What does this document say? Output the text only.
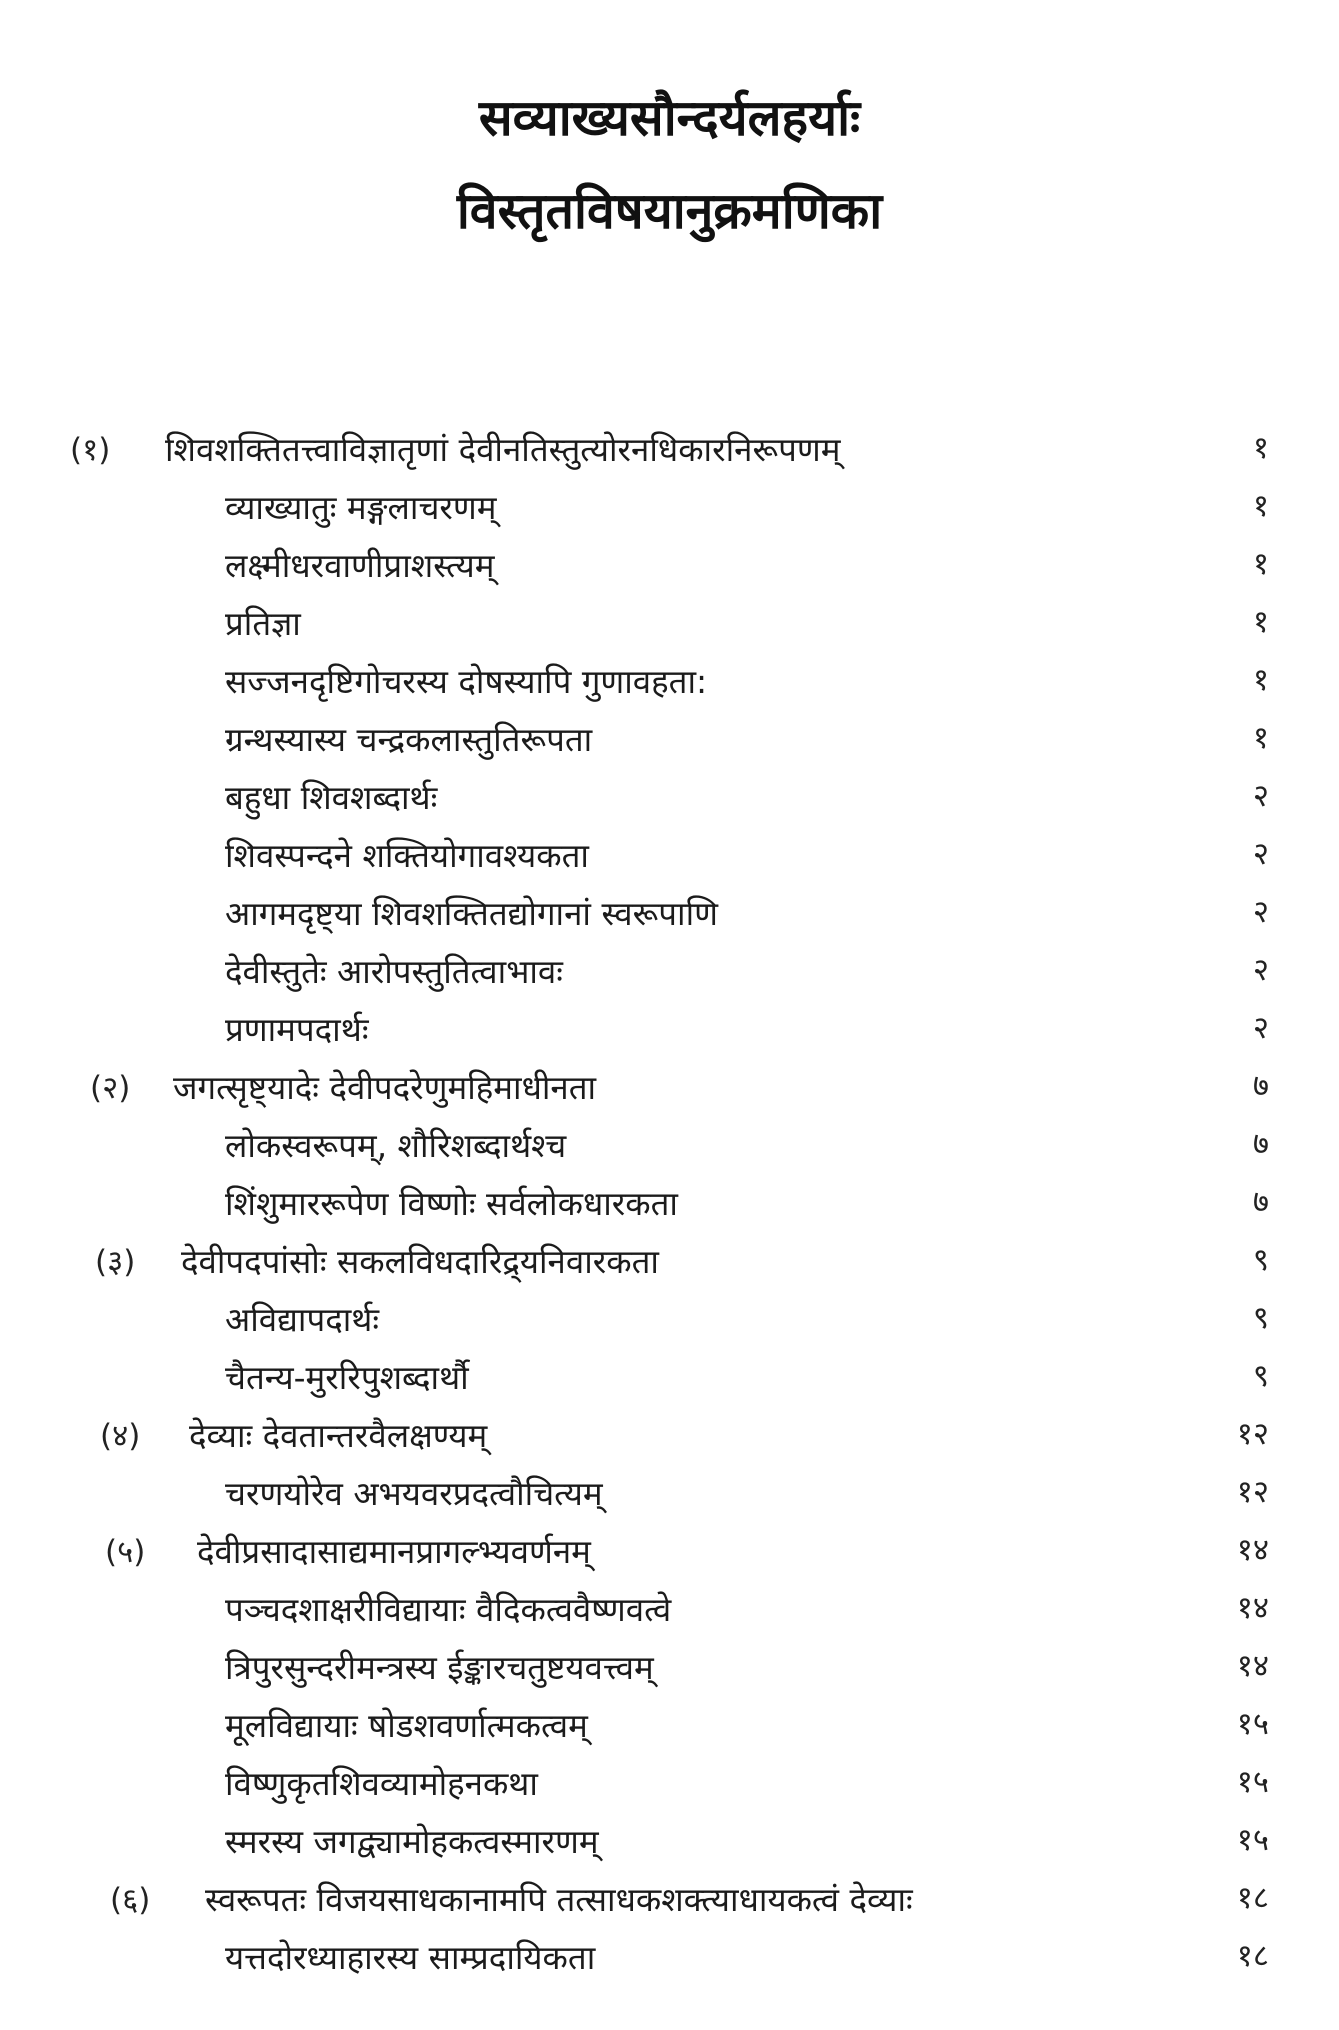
सव्याख्यसौन्दर्यलहर्याः
विस्तृतविषयानुक्रमणिका
(१) शिवशक्तितत्त्वाविज्ञातृणां देवीनतिस्तुत्योरनधिकारनिरूपणम्	१
व्याख्यातुः मङ्गलाचरणम्	१
लक्ष्मीधरवाणीप्राशस्त्यम्	१
प्रतिज्ञा	१
सज्जनदृष्टिगोचरस्य दोषस्यापि गुणावहता:	१
ग्रन्थस्यास्य चन्द्रकलास्तुतिरूपता	१
बहुधा शिवशब्दार्थः	२
शिवस्पन्दने शक्तियोगावश्यकता	२
आगमदृष्ट्या शिवशक्तितद्योगानां स्वरूपाणि	२
देवीस्तुतेः आरोपस्तुतित्वाभावः	२
प्रणामपदार्थः	२
(२) जगत्सृष्ट्यादेः देवीपदरेणुमहिमाधीनता	७
लोकस्वरूपम्, शौरिशब्दार्थश्च	७
शिंशुमाररूपेण विष्णोः सर्वलोकधारकता	७
(३) देवीपदपांसोः सकलविधदारिद्र्यनिवारकता	९
अविद्यापदार्थः	९
चैतन्य-मुररिपुशब्दार्थौ	९
(४) देव्याः देवतान्तरवैलक्षण्यम्	१२
चरणयोरेव अभयवरप्रदत्वौचित्यम्	१२
(५) देवीप्रसादासाद्यमानप्रागल्भ्यवर्णनम्	१४
पञ्चदशाक्षरीविद्यायाः वैदिकत्ववैष्णवत्वे	१४
त्रिपुरसुन्दरीमन्त्रस्य ईङ्कारचतुष्टयवत्त्वम्	१४
मूलविद्यायाः षोडशवर्णात्मकत्वम्	१५
विष्णुकृतशिवव्यामोहनकथा	१५
स्मरस्य जगद्व्यामोहकत्वस्मारणम्	१५
(६) स्वरूपतः विजयसाधकानामपि तत्साधकशक्त्याधायकत्वं देव्याः	१८
यत्तदोरध्याहारस्य साम्प्रदायिकता	१८
